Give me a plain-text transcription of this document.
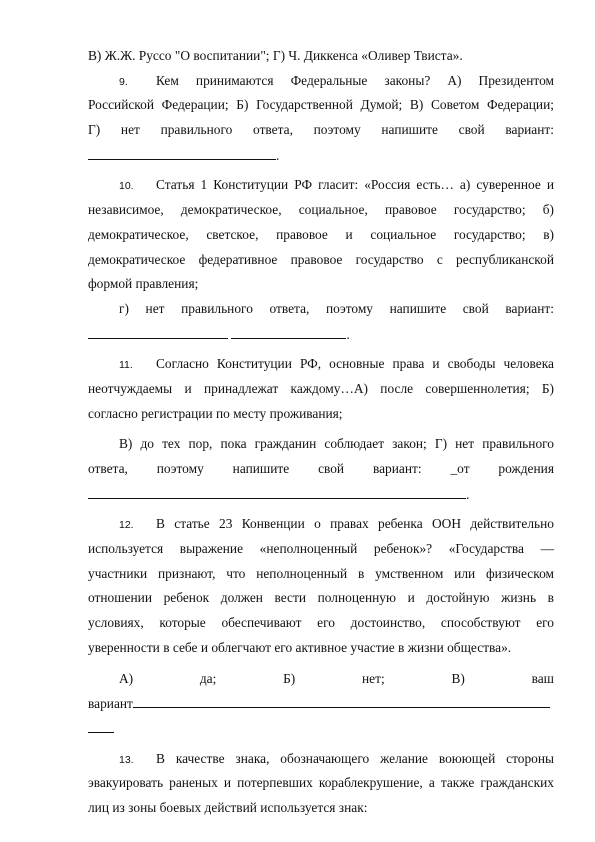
В) Ж.Ж. Руссо "О воспитании"; Г) Ч. Диккенса «Оливер Твиста».
9. Кем принимаются Федеральные законы? А) Президентом
Российской Федерации; Б) Государственной Думой; В) Советом Федерации;
Г) нет правильного ответа, поэтому напишите свой вариант:
.
10. Статья 1 Конституции РФ гласит: «Россия есть… а) суверенное и
независимое, демократическое, социальное, правовое государство; б)
демократическое, светское, правовое и социальное государство; в)
демократическое федеративное правовое государство с республиканской
формой правления;
г) нет правильного ответа, поэтому напишите свой вариант:
.
11. Согласно Конституции РФ, основные права и свободы человека
неотчуждаемы и принадлежат каждому…А) после совершеннолетия; Б)
согласно регистрации по месту проживания;
В) до тех пор, пока гражданин соблюдает закон; Г) нет правильного
ответа, поэтому напишите свой вариант: _от рождения
.
12. В статье 23 Конвенции о правах ребенка ООН действительно
используется выражение «неполноценный ребенок»? «Государства —
участники признают, что неполноценный в умственном или физическом
отношении ребенок должен вести полноценную и достойную жизнь в
условиях, которые обеспечивают его достоинство, способствуют его
уверенности в себе и облегчают его активное участие в жизни общества».
А) да;	Б) нет;	В) ваш
вариант
13. В качестве знака, обозначающего желание воюющей стороны
эвакуировать раненых и потерпевших кораблекрушение, а также гражданских
лиц из зоны боевых действий используется знак:
